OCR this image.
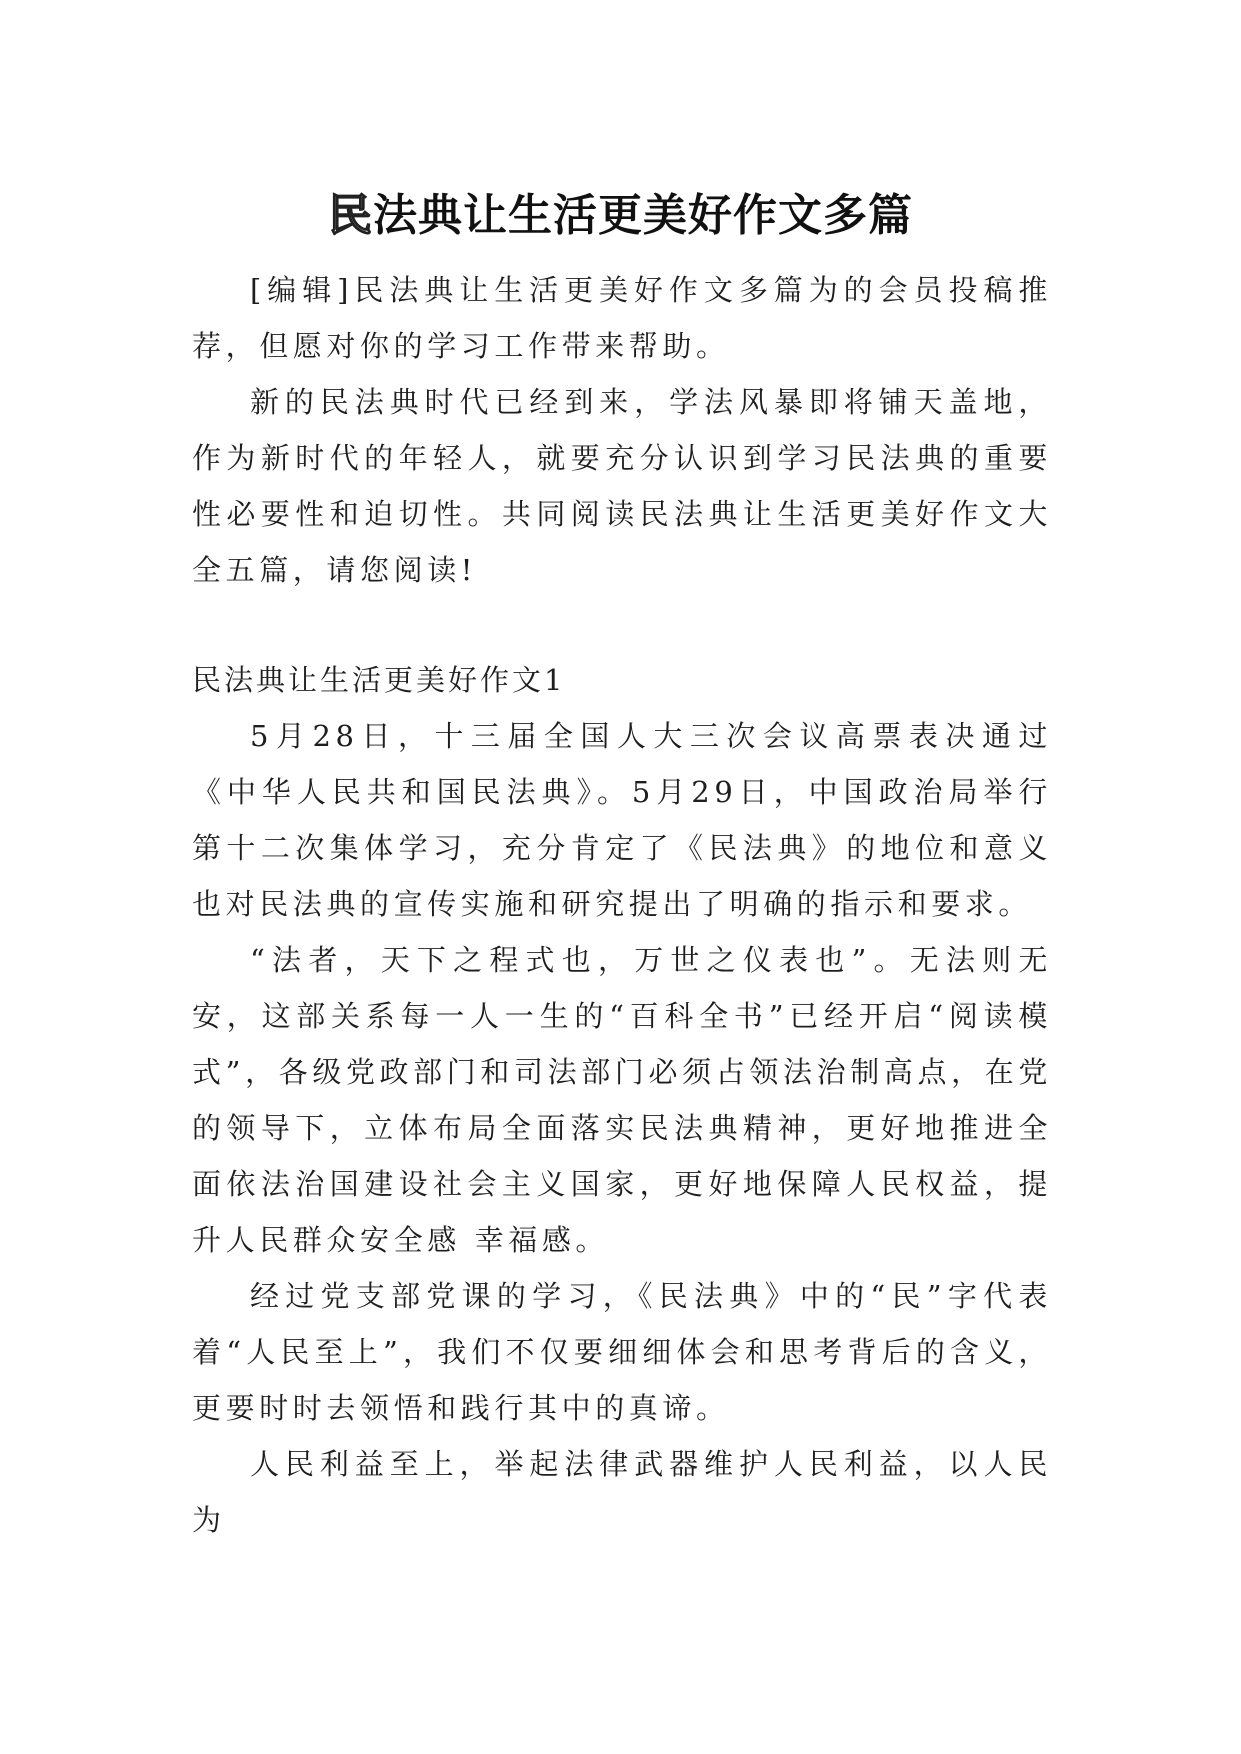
民法典让生活更美好作文多篇

[编辑]民法典让生活更美好作文多篇为的会员投稿推荐，但愿对你的学习工作带来帮助。

新的民法典时代已经到来，学法风暴即将铺天盖地，作为新时代的年轻人，就要充分认识到学习民法典的重要性必要性和迫切性。共同阅读民法典让生活更美好作文大全五篇，请您阅读!

民法典让生活更美好作文1

5月28日，十三届全国人大三次会议高票表决通过《中华人民共和国民法典》。5月29日，中国政治局举行第十二次集体学习，充分肯定了《民法典》的地位和意义也对民法典的宣传实施和研究提出了明确的指示和要求。

“法者，天下之程式也，万世之仪表也”。无法则无安，这部关系每一人一生的“百科全书”已经开启“阅读模式”，各级党政部门和司法部门必须占领法治制高点，在党的领导下，立体布局全面落实民法典精神，更好地推进全面依法治国建设社会主义国家，更好地保障人民权益，提升人民群众安全感 幸福感。

经过党支部党课的学习，《民法典》中的“民”字代表着“人民至上”，我们不仅要细细体会和思考背后的含义，更要时时去领悟和践行其中的真谛。

人民利益至上，举起法律武器维护人民利益，以人民为
